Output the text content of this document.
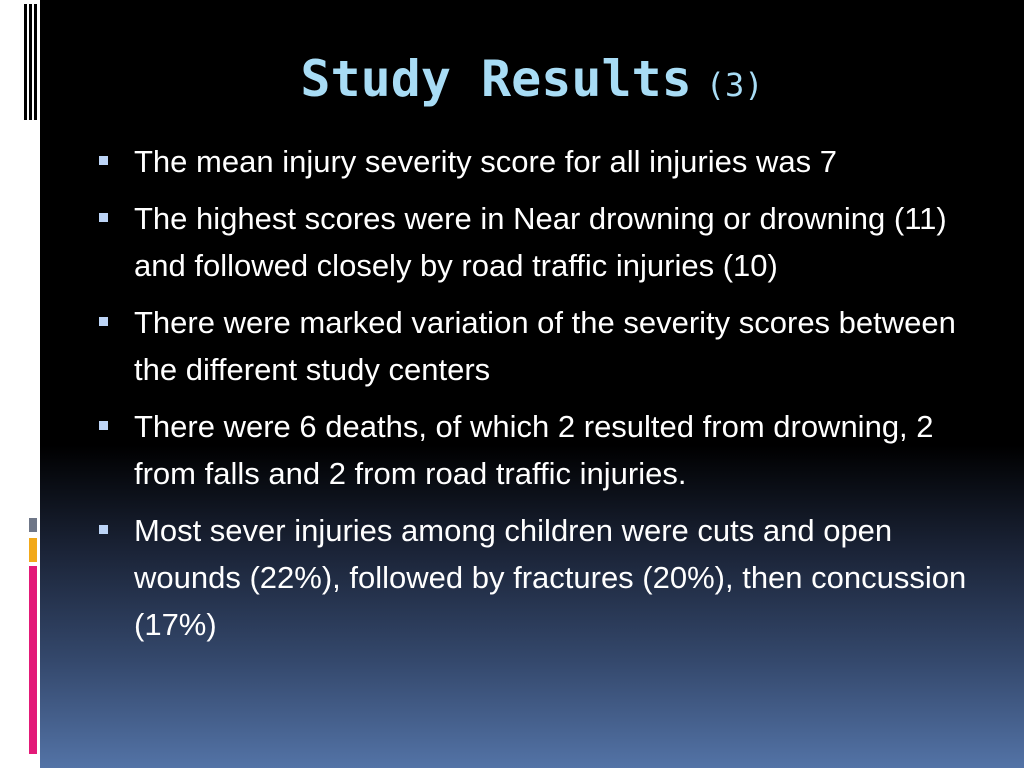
Study Results (3)
The mean injury severity score for all injuries was 7
The highest scores were in Near drowning or drowning (11) and followed closely by road traffic injuries (10)
There were marked variation of the severity scores between the different study centers
There were 6 deaths, of which 2 resulted from drowning, 2 from falls and 2 from road traffic injuries.
Most sever injuries among children were cuts and open wounds (22%), followed by fractures (20%), then concussion (17%)
